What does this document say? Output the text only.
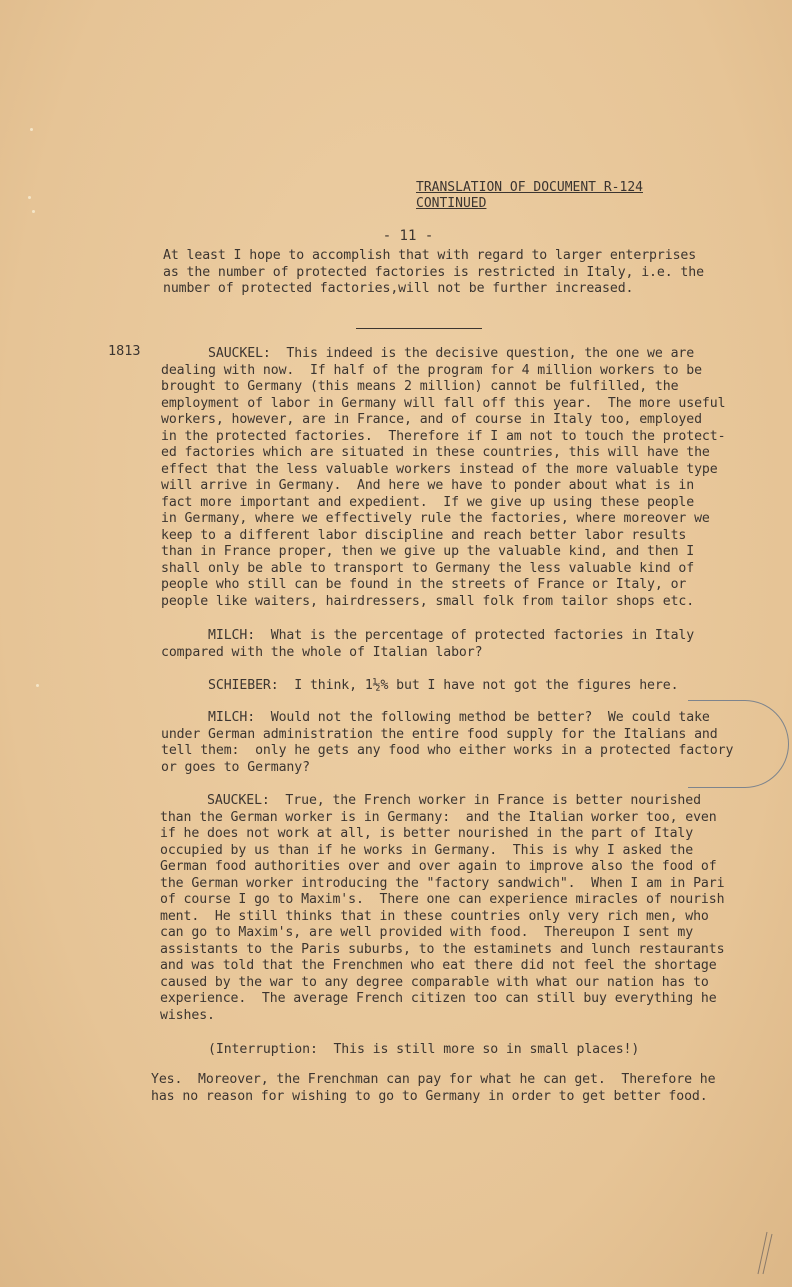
TRANSLATION OF DOCUMENT R-124
CONTINUED
- 11 -
At least I hope to accomplish that with regard to larger enterprises
as the number of protected factories is restricted in Italy, i.e. the
number of protected factories,will not be further increased.
1813	SAUCKEL:  This indeed is the decisive question, the one we are
dealing with now.  If half of the program for 4 million workers to be
brought to Germany (this means 2 million) cannot be fulfilled, the
employment of labor in Germany will fall off this year.  The more useful
workers, however, are in France, and of course in Italy too, employed
in the protected factories.  Therefore if I am not to touch the protect-
ed factories which are situated in these countries, this will have the
effect that the less valuable workers instead of the more valuable type
will arrive in Germany.  And here we have to ponder about what is in
fact more important and expedient.  If we give up using these people
in Germany, where we effectively rule the factories, where moreover we
keep to a different labor discipline and reach better labor results
than in France proper, then we give up the valuable kind, and then I
shall only be able to transport to Germany the less valuable kind of
people who still can be found in the streets of France or Italy, or
people like waiters, hairdressers, small folk from tailor shops etc.
MILCH:  What is the percentage of protected factories in Italy
compared with the whole of Italian labor?
SCHIEBER:  I think, 1½% but I have not got the figures here.
MILCH:  Would not the following method be better?  We could take
under German administration the entire food supply for the Italians and
tell them:  only he gets any food who either works in a protected factory
or goes to Germany?
SAUCKEL:  True, the French worker in France is better nourished
than the German worker is in Germany:  and the Italian worker too, even
if he does not work at all, is better nourished in the part of Italy
occupied by us than if he works in Germany.  This is why I asked the
German food authorities over and over again to improve also the food of
the German worker introducing the "factory sandwich".  When I am in Pari
of course I go to Maxim's.  There one can experience miracles of nourish
ment.  He still thinks that in these countries only very rich men, who
can go to Maxim's, are well provided with food.  Thereupon I sent my
assistants to the Paris suburbs, to the estaminets and lunch restaurants
and was told that the Frenchmen who eat there did not feel the shortage
caused by the war to any degree comparable with what our nation has to
experience.  The average French citizen too can still buy everything he
wishes.
(Interruption:  This is still more so in small places!)
Yes.  Moreover, the Frenchman can pay for what he can get.  Therefore he
has no reason for wishing to go to Germany in order to get better food.
